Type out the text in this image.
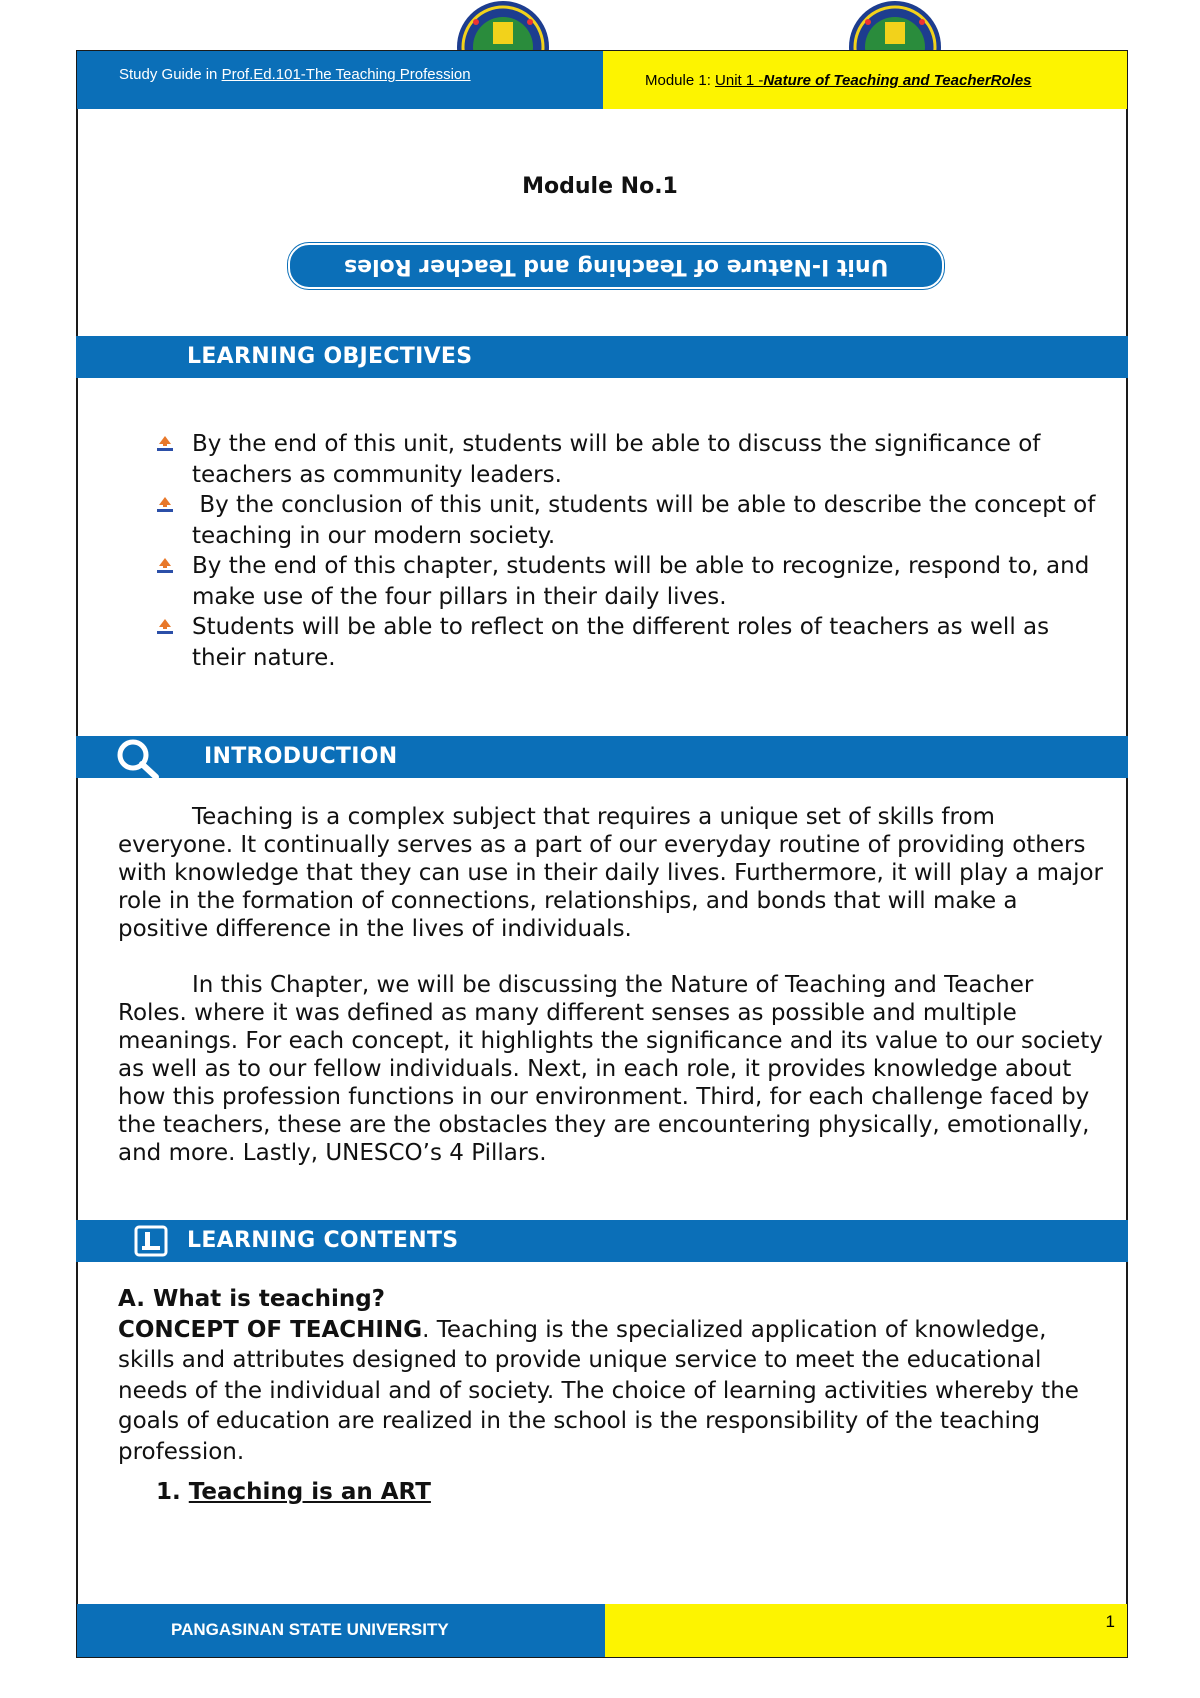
Study Guide in Prof.Ed.101-The Teaching Profession	Module 1: Unit 1 -Nature of Teaching and TeacherRoles
Module No.1
Unit I-Nature of Teaching and Teacher Roles
LEARNING OBJECTIVES
By the end of this unit, students will be able to discuss the significance of teachers as community leaders.
By the conclusion of this unit, students will be able to describe the concept of teaching in our modern society.
By the end of this chapter, students will be able to recognize, respond to, and make use of the four pillars in their daily lives.
Students will be able to reflect on the different roles of teachers as well as their nature.
INTRODUCTION

Teaching is a complex subject that requires a unique set of skills from everyone. It continually serves as a part of our everyday routine of providing others with knowledge that they can use in their daily lives. Furthermore, it will play a major role in the formation of connections, relationships, and bonds that will make a positive difference in the lives of individuals.

In this Chapter, we will be discussing the Nature of Teaching and Teacher Roles. where it was defined as many different senses as possible and multiple meanings. For each concept, it highlights the significance and its value to our society as well as to our fellow individuals. Next, in each role, it provides knowledge about how this profession functions in our environment. Third, for each challenge faced by the teachers, these are the obstacles they are encountering physically, emotionally, and more. Lastly, UNESCO’s 4 Pillars.

LEARNING CONTENTS
A. What is teaching?
CONCEPT OF TEACHING. Teaching is the specialized application of knowledge, skills and attributes designed to provide unique service to meet the educational needs of the individual and of society. The choice of learning activities whereby the goals of education are realized in the school is the responsibility of the teaching profession.
1. Teaching is an ART
PANGASINAN STATE UNIVERSITY	1
